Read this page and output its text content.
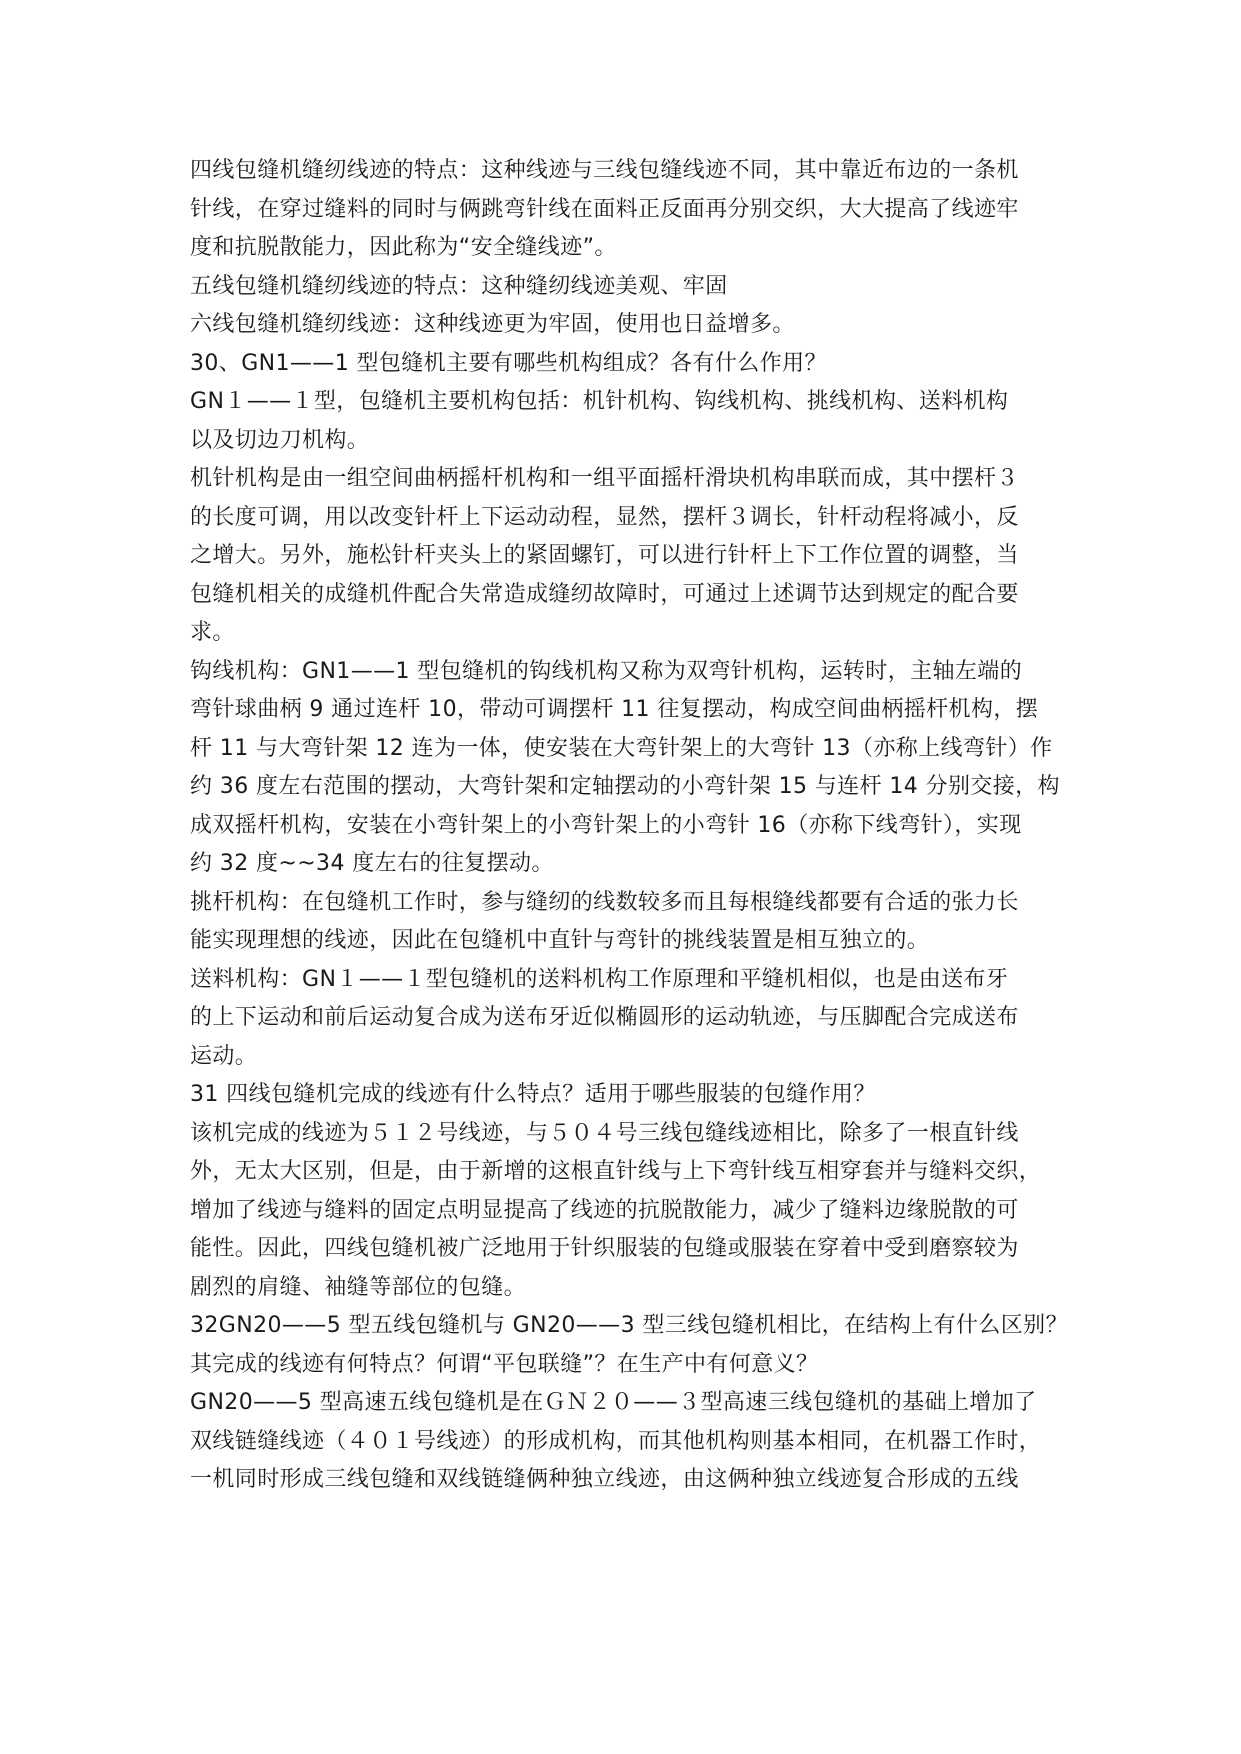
四线包缝机缝纫线迹的特点：这种线迹与三线包缝线迹不同，其中靠近布边的一条机
针线，在穿过缝料的同时与俩跳弯针线在面料正反面再分别交织，大大提高了线迹牢
度和抗脱散能力，因此称为“安全缝线迹”。
五线包缝机缝纫线迹的特点：这种缝纫线迹美观、牢固
六线包缝机缝纫线迹：这种线迹更为牢固，使用也日益增多。
30、GN1——1 型包缝机主要有哪些机构组成？各有什么作用？
GN１——１型，包缝机主要机构包括：机针机构、钩线机构、挑线机构、送料机构
以及切边刀机构。
机针机构是由一组空间曲柄摇杆机构和一组平面摇杆滑块机构串联而成，其中摆杆３
的长度可调，用以改变针杆上下运动动程，显然，摆杆３调长，针杆动程将减小，反
之增大。另外，施松针杆夹头上的紧固螺钉，可以进行针杆上下工作位置的调整，当
包缝机相关的成缝机件配合失常造成缝纫故障时，可通过上述调节达到规定的配合要
求。
钩线机构：GN1——1 型包缝机的钩线机构又称为双弯针机构，运转时，主轴左端的
弯针球曲柄 9 通过连杆 10，带动可调摆杆 11 往复摆动，构成空间曲柄摇杆机构，摆
杆 11 与大弯针架 12 连为一体，使安装在大弯针架上的大弯针 13（亦称上线弯针）作
约 36 度左右范围的摆动，大弯针架和定轴摆动的小弯针架 15 与连杆 14 分别交接，构
成双摇杆机构，安装在小弯针架上的小弯针架上的小弯针 16（亦称下线弯针），实现
约 32 度~~34 度左右的往复摆动。
挑杆机构：在包缝机工作时，参与缝纫的线数较多而且每根缝线都要有合适的张力长
能实现理想的线迹，因此在包缝机中直针与弯针的挑线装置是相互独立的。
送料机构：GN１——１型包缝机的送料机构工作原理和平缝机相似，也是由送布牙
的上下运动和前后运动复合成为送布牙近似椭圆形的运动轨迹，与压脚配合完成送布
运动。
31 四线包缝机完成的线迹有什么特点？适用于哪些服装的包缝作用？
该机完成的线迹为５１２号线迹，与５０４号三线包缝线迹相比，除多了一根直针线
外，无太大区别，但是，由于新增的这根直针线与上下弯针线互相穿套并与缝料交织，
增加了线迹与缝料的固定点明显提高了线迹的抗脱散能力，减少了缝料边缘脱散的可
能性。因此，四线包缝机被广泛地用于针织服装的包缝或服装在穿着中受到磨察较为
剧烈的肩缝、袖缝等部位的包缝。
32GN20——5 型五线包缝机与 GN20——3 型三线包缝机相比，在结构上有什么区别？
其完成的线迹有何特点？何谓“平包联缝”？在生产中有何意义？
GN20——5 型高速五线包缝机是在ＧＮ２０——３型高速三线包缝机的基础上增加了
双线链缝线迹（４０１号线迹）的形成机构，而其他机构则基本相同，在机器工作时，
一机同时形成三线包缝和双线链缝俩种独立线迹，由这俩种独立线迹复合形成的五线
